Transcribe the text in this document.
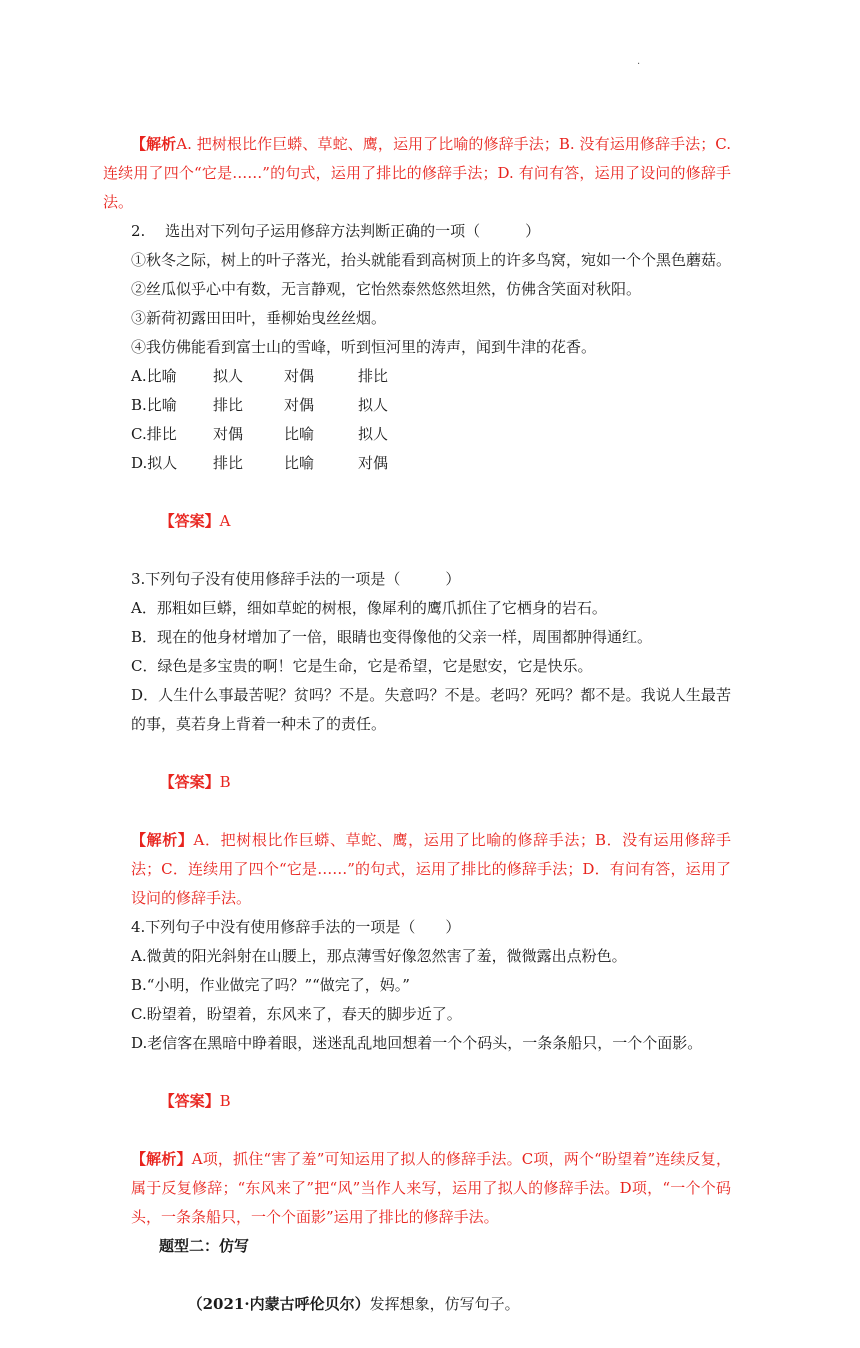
.

【解析A. 把树根比作巨蟒、草蛇、鹰，运用了比喻的修辞手法；B. 没有运用修辞手法；C. 连续用了四个“它是……”的句式，运用了排比的修辞手法；D. 有问有答，运用了设问的修辞手法。

2.　 选出对下列句子运用修辞方法判断正确的一项（　　　）

①秋冬之际，树上的叶子落光，抬头就能看到高树顶上的许多鸟窝，宛如一个个黑色蘑菇。

②丝瓜似乎心中有数，无言静观，它怡然泰然悠然坦然，仿佛含笑面对秋阳。

③新荷初露田田叶，垂柳始曳丝丝烟。

④我仿佛能看到富士山的雪峰，听到恒河里的涛声，闻到牛津的花香。

A.比喻	拟人	对偶	排比
B.比喻	排比	对偶	拟人
C.排比	对偶	比喻	拟人
D.拟人	排比	比喻	对偶

【答案】A

3.下列句子没有使用修辞手法的一项是（　　　）

A．那粗如巨蟒，细如草蛇的树根，像犀利的鹰爪抓住了它栖身的岩石。

B．现在的他身材增加了一倍，眼睛也变得像他的父亲一样，周围都肿得通红。

C．绿色是多宝贵的啊！它是生命，它是希望，它是慰安，它是快乐。

D．人生什么事最苦呢？贫吗？不是。失意吗？不是。老吗？死吗？都不是。我说人生最苦的事，莫若身上背着一种未了的责任。

【答案】B

【解析】A．把树根比作巨蟒、草蛇、鹰，运用了比喻的修辞手法；B．没有运用修辞手法；C．连续用了四个“它是……”的句式，运用了排比的修辞手法；D．有问有答，运用了设问的修辞手法。

4.下列句子中没有使用修辞手法的一项是（　　）

A.微黄的阳光斜射在山腰上，那点薄雪好像忽然害了羞，微微露出点粉色。

B.“小明，作业做完了吗？”“做完了，妈。”

C.盼望着，盼望着，东风来了，春天的脚步近了。

D.老信客在黑暗中睁着眼，迷迷乱乱地回想着一个个码头，一条条船只，一个个面影。

【答案】B

【解析】A项，抓住“害了羞”可知运用了拟人的修辞手法。C项，两个“盼望着”连续反复，属于反复修辞；“东风来了”把“风”当作人来写，运用了拟人的修辞手法。D项，“一个个码头，一条条船只，一个个面影”运用了排比的修辞手法。

题型二：仿写

（2021·内蒙古呼伦贝尔）发挥想象，仿写句子。
